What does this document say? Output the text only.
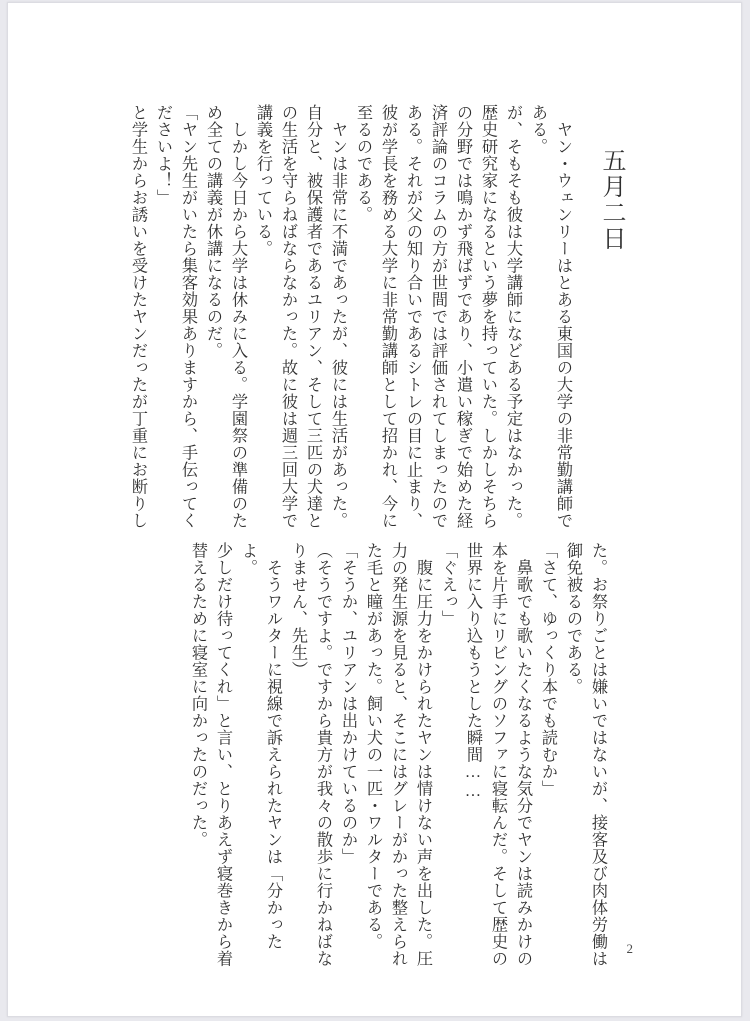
五月二日
　ヤン・ウェンリーはとある東国の大学の非常勤講師で
ある。
が、そもそも彼は大学講師になどある予定はなかった。
歴史研究家になるという夢を持っていた。しかしそちら
の分野では鳴かず飛ばずであり、小遣い稼ぎで始めた経
済評論のコラムの方が世間では評価されてしまったので
ある。それが父の知り合いであるシトレの目に止まり、
彼が学長を務める大学に非常勤講師として招かれ、今に
至るのである。
　ヤンは非常に不満であったが、彼には生活があった。
自分と、被保護者であるユリアン、そして三匹の犬達と
の生活を守らねばならなかった。故に彼は週三回大学で
講義を行っている。
　しかし今日から大学は休みに入る。学園祭の準備のた
め全ての講義が休講になるのだ。
「ヤン先生がいたら集客効果ありますから、手伝ってく
ださいよ！」
と学生からお誘いを受けたヤンだったが丁重にお断りし
た。お祭りごとは嫌いではないが、接客及び肉体労働は
御免被るのである。
「さて、ゆっくり本でも読むか」
　鼻歌でも歌いたくなるような気分でヤンは読みかけの
本を片手にリビングのソファに寝転んだ。そして歴史の
世界に入り込もうとした瞬間……
「ぐえっ」
　腹に圧力をかけられたヤンは情けない声を出した。圧
力の発生源を見ると、そこにはグレーがかった整えられ
た毛と瞳があった。飼い犬の一匹・ワルターである。
「そうか、ユリアンは出かけているのか」
（そうですよ。ですから貴方が我々の散歩に行かねばな
りません、先生）
　そうワルターに視線で訴えられたヤンは「分かったよ。
少しだけ待ってくれ」と言い、とりあえず寝巻きから着
替えるために寝室に向かったのだった。
2
